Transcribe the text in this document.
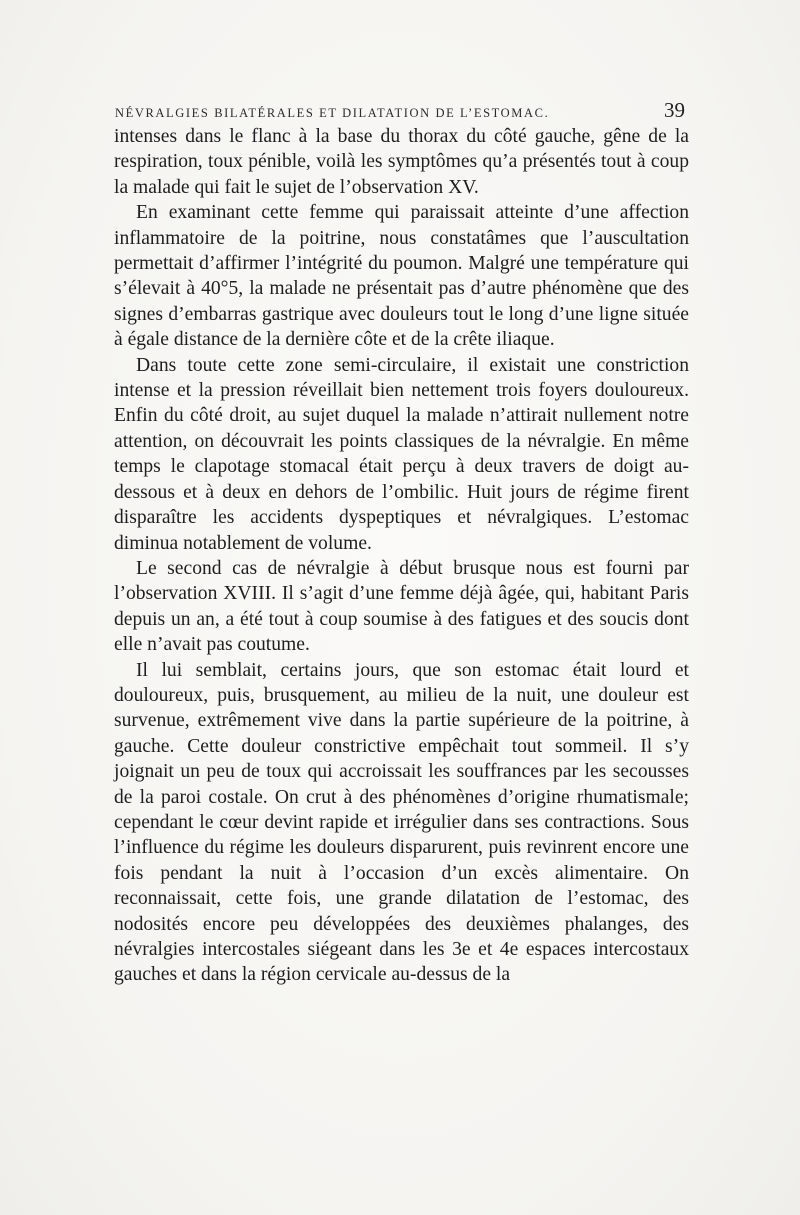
NÉVRALGIES BILATÉRALES ET DILATATION DE L’ESTOMAC.	39

intenses dans le flanc à la base du thorax du côté gauche, gêne de la respiration, toux pénible, voilà les symptômes qu’a présentés tout à coup la malade qui fait le sujet de l’observation XV.

En examinant cette femme qui paraissait atteinte d’une affection inflammatoire de la poitrine, nous constatâmes que l’auscultation permettait d’affirmer l’intégrité du poumon. Malgré une température qui s’élevait à 40°5, la malade ne présentait pas d’autre phénomène que des signes d’embarras gastrique avec douleurs tout le long d’une ligne située à égale distance de la dernière côte et de la crête iliaque.

Dans toute cette zone semi-circulaire, il existait une constriction intense et la pression réveillait bien nettement trois foyers douloureux. Enfin du côté droit, au sujet duquel la malade n’attirait nullement notre attention, on découvrait les points classiques de la névralgie. En même temps le clapotage stomacal était perçu à deux travers de doigt au-dessous et à deux en dehors de l’ombilic. Huit jours de régime firent disparaître les accidents dyspeptiques et névralgiques. L’estomac diminua notablement de volume.

Le second cas de névralgie à début brusque nous est fourni par l’observation XVIII. Il s’agit d’une femme déjà âgée, qui, habitant Paris depuis un an, a été tout à coup soumise à des fatigues et des soucis dont elle n’avait pas coutume.

Il lui semblait, certains jours, que son estomac était lourd et douloureux, puis, brusquement, au milieu de la nuit, une douleur est survenue, extrêmement vive dans la partie supérieure de la poitrine, à gauche. Cette douleur constrictive empêchait tout sommeil. Il s’y joignait un peu de toux qui accroissait les souffrances par les secousses de la paroi costale. On crut à des phénomènes d’origine rhumatismale; cependant le cœur devint rapide et irrégulier dans ses contractions. Sous l’influence du régime les douleurs disparurent, puis revinrent encore une fois pendant la nuit à l’occasion d’un excès alimentaire. On reconnaissait, cette fois, une grande dilatation de l’estomac, des nodosités encore peu développées des deuxièmes phalanges, des névralgies intercostales siégeant dans les 3e et 4e espaces intercostaux gauches et dans la région cervicale au-dessus de la
